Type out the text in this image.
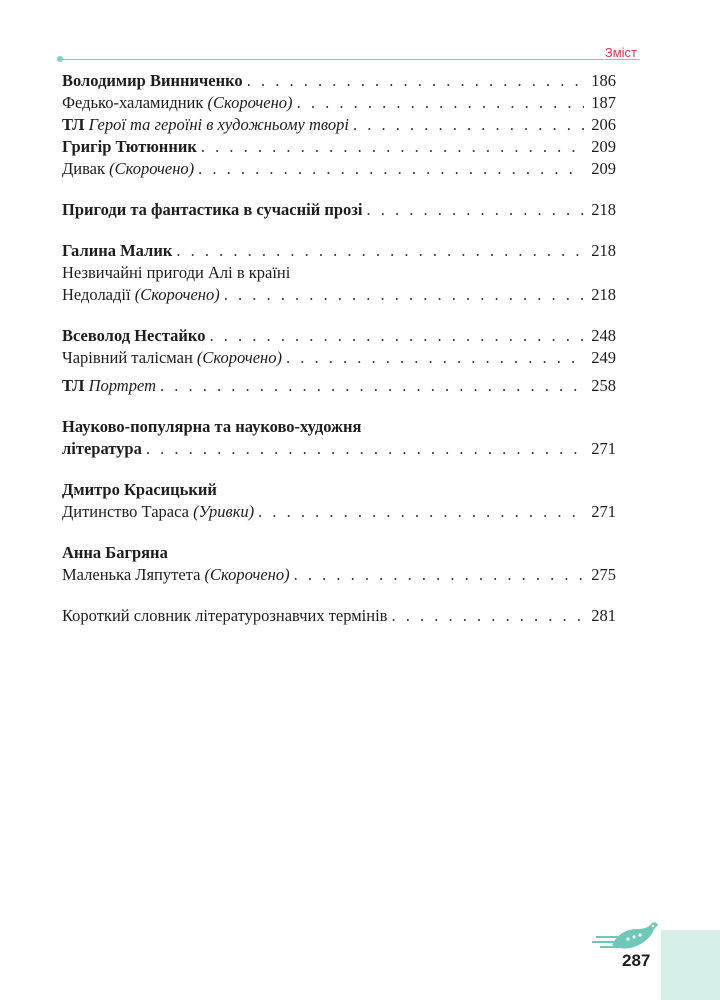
Зміст
Володимир Винниченко . . .	186
Федько-халамидник (Скорочено) . . .	187
ТЛ Герої та героїні в художньому творі . . .	206
Григір Тютюнник . . .	209
Дивак (Скорочено) . . .	209
Пригоди та фантастика в сучасній прозі . . .	218
Галина Малик . . .	218
Незвичайні пригоди Алі в країні
Недоладії (Скорочено) . . .	218
Всеволод Нестайко . . .	248
Чарівний талісман (Скорочено) . . .	249
ТЛ Портрет . . .	258
Науково-популярна та науково-художня
література . . .	271
Дмитро Красицький
Дитинство Тараса (Уривки) . . .	271
Анна Багряна
Маленька Ляпутета (Скорочено) . . .	275
Короткий словник літературознавчих термінів . . .	281
287
